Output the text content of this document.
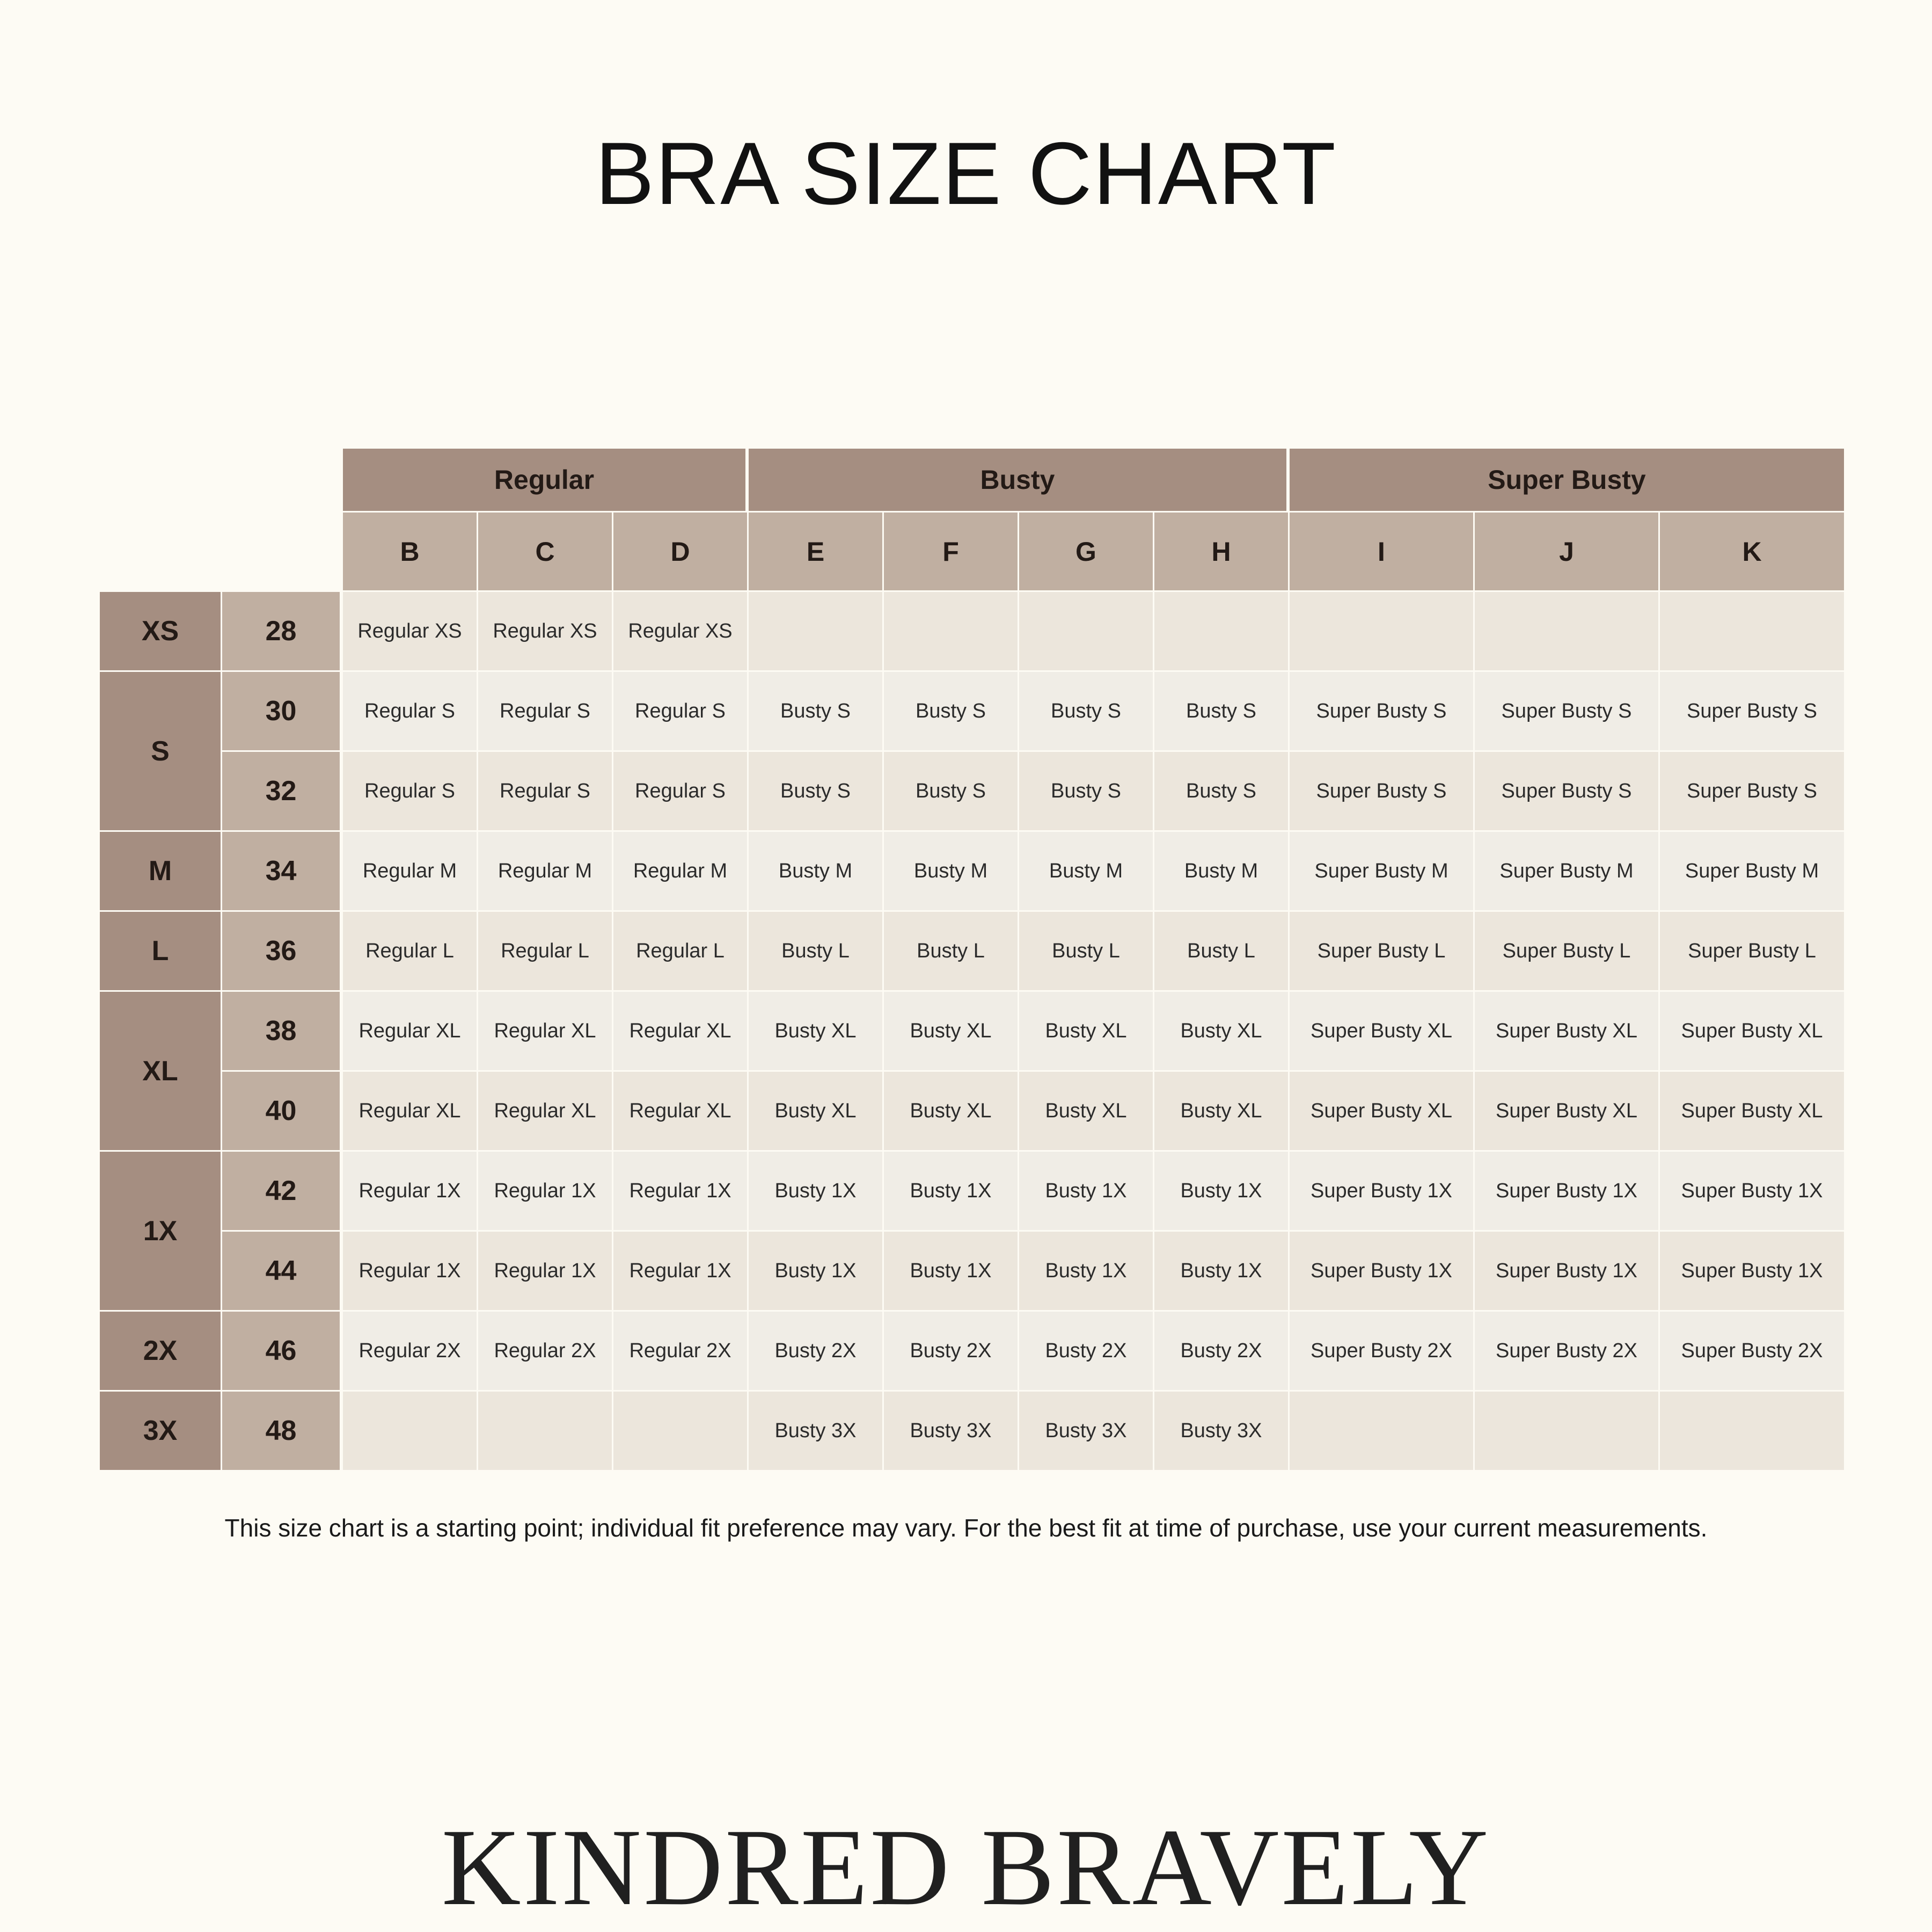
BRA SIZE CHART
		Regular			Busty				Super Busty		
		B	C	D	E	F	G	H	I	J	K
XS	28	Regular XS	Regular XS	Regular XS							
S	30	Regular S	Regular S	Regular S	Busty S	Busty S	Busty S	Busty S	Super Busty S	Super Busty S	Super Busty S
	32	Regular S	Regular S	Regular S	Busty S	Busty S	Busty S	Busty S	Super Busty S	Super Busty S	Super Busty S
M	34	Regular M	Regular M	Regular M	Busty M	Busty M	Busty M	Busty M	Super Busty M	Super Busty M	Super Busty M
L	36	Regular L	Regular L	Regular L	Busty L	Busty L	Busty L	Busty L	Super Busty L	Super Busty L	Super Busty L
XL	38	Regular XL	Regular XL	Regular XL	Busty XL	Busty XL	Busty XL	Busty XL	Super Busty XL	Super Busty XL	Super Busty XL
	40	Regular XL	Regular XL	Regular XL	Busty XL	Busty XL	Busty XL	Busty XL	Super Busty XL	Super Busty XL	Super Busty XL
1X	42	Regular 1X	Regular 1X	Regular 1X	Busty 1X	Busty 1X	Busty 1X	Busty 1X	Super Busty 1X	Super Busty 1X	Super Busty 1X
	44	Regular 1X	Regular 1X	Regular 1X	Busty 1X	Busty 1X	Busty 1X	Busty 1X	Super Busty 1X	Super Busty 1X	Super Busty 1X
2X	46	Regular 2X	Regular 2X	Regular 2X	Busty 2X	Busty 2X	Busty 2X	Busty 2X	Super Busty 2X	Super Busty 2X	Super Busty 2X
3X	48				Busty 3X	Busty 3X	Busty 3X	Busty 3X			
This size chart is a starting point; individual fit preference may vary. For the best fit at time of purchase, use your current measurements.
KINDRED BRAVELY
